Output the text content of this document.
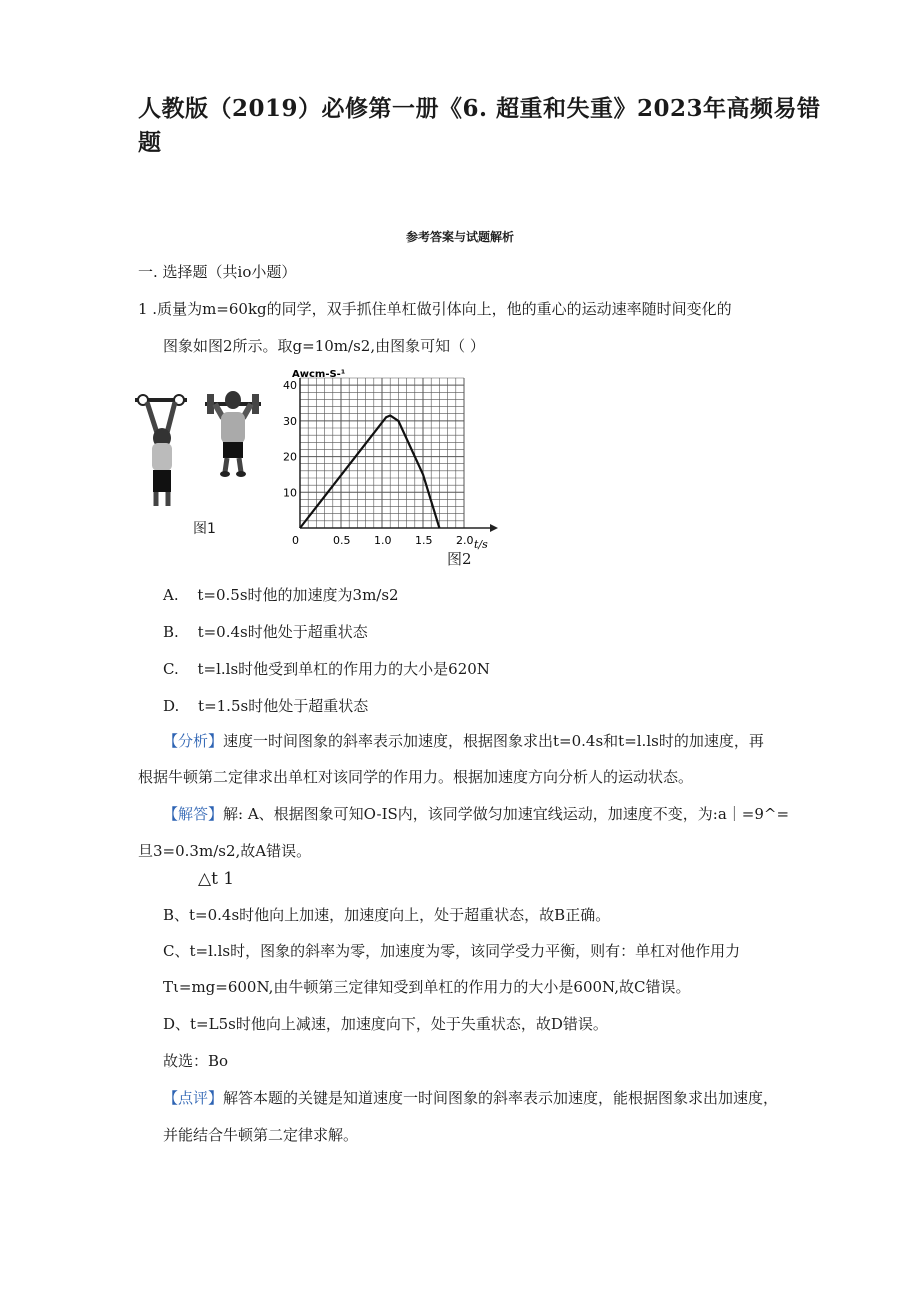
人教版（2019）必修第一册《6. 超重和失重》2023年高频易错
题
参考答案与试题解析
一. 选择题（共io小题）
1 .质量为m=60kg的同学，双手抓住单杠做引体向上，他的重心的运动速率随时间变化的
图象如图2所示。取g=10m∕s2,由图象可知（ ）
图1
0	0.5 1.0 1.5 2.0
10
20
30
40
Awcm-S-¹
t/s
图2
A. t=0.5s时他的加速度为3m∕s2
B. t=0.4s时他处于超重状态
C. t=l.ls时他受到单杠的作用力的大小是620N
D. t=1.5s时他处于超重状态
【分析】速度一时间图象的斜率表示加速度，根据图象求出t=0.4s和t=l.ls时的加速度，再
根据牛顿第二定律求出单杠对该同学的作用力。根据加速度方向分析人的运动状态。
【解答】解: A、根据图象可知O-IS内，该同学做匀加速宜线运动，加速度不变，为:a｜=9^=
旦3=0.3m∕s2,故A错误。
△t 1
B、t=0.4s时他向上加速，加速度向上，处于超重状态，故B正确。
C、t=l.ls时，图象的斜率为零，加速度为零，该同学受力平衡，则有：单杠对他作用力
Tι=mg=600N,由牛顿第三定律知受到单杠的作用力的大小是600N,故C错误。
D、t=L5s时他向上减速，加速度向下，处于失重状态，故D错误。
故选：Bo
【点评】解答本题的关键是知道速度一时间图象的斜率表示加速度，能根据图象求出加速度，
并能结合牛顿第二定律求解。
